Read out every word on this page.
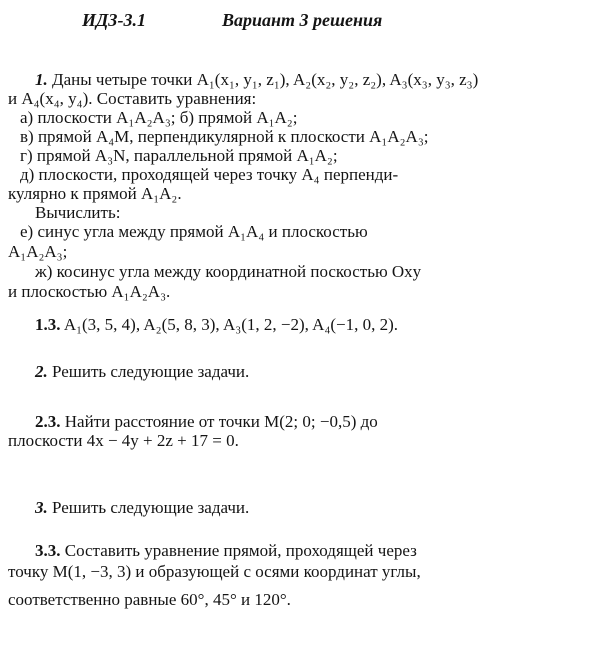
ИДЗ-3.1	Вариант 3 решения
1. Даны четыре точки A₁(x₁, y₁, z₁), A₂(x₂, y₂, z₂), A₃(x₃, y₃, z₃)
и A₄(x₄, y₄). Составить уравнения:
а) плоскости A₁A₂A₃; б) прямой A₁A₂;
в) прямой A₄M, перпендикулярной к плоскости A₁A₂A₃;
г) прямой A₃N, параллельной прямой A₁A₂;
д) плоскости, проходящей через точку A₄ перпенди-
кулярно к прямой A₁A₂.
Вычислить:
е) синус угла между прямой A₁A₄ и плоскостью
A₁A₂A₃;
ж) косинус угла между координатной поскостью Oxy
и плоскостью A₁A₂A₃.
1.3. A₁(3, 5, 4), A₂(5, 8, 3), A₃(1, 2, −2), A₄(−1, 0, 2).
2. Решить следующие задачи.
2.3. Найти расстояние от точки M(2; 0; −0,5) до
плоскости 4x − 4y + 2z + 17 = 0.
3. Решить следующие задачи.
3.3. Составить уравнение прямой, проходящей через
точку M(1, −3, 3) и образующей с осями координат углы,
соответственно равные 60°, 45° и 120°.
